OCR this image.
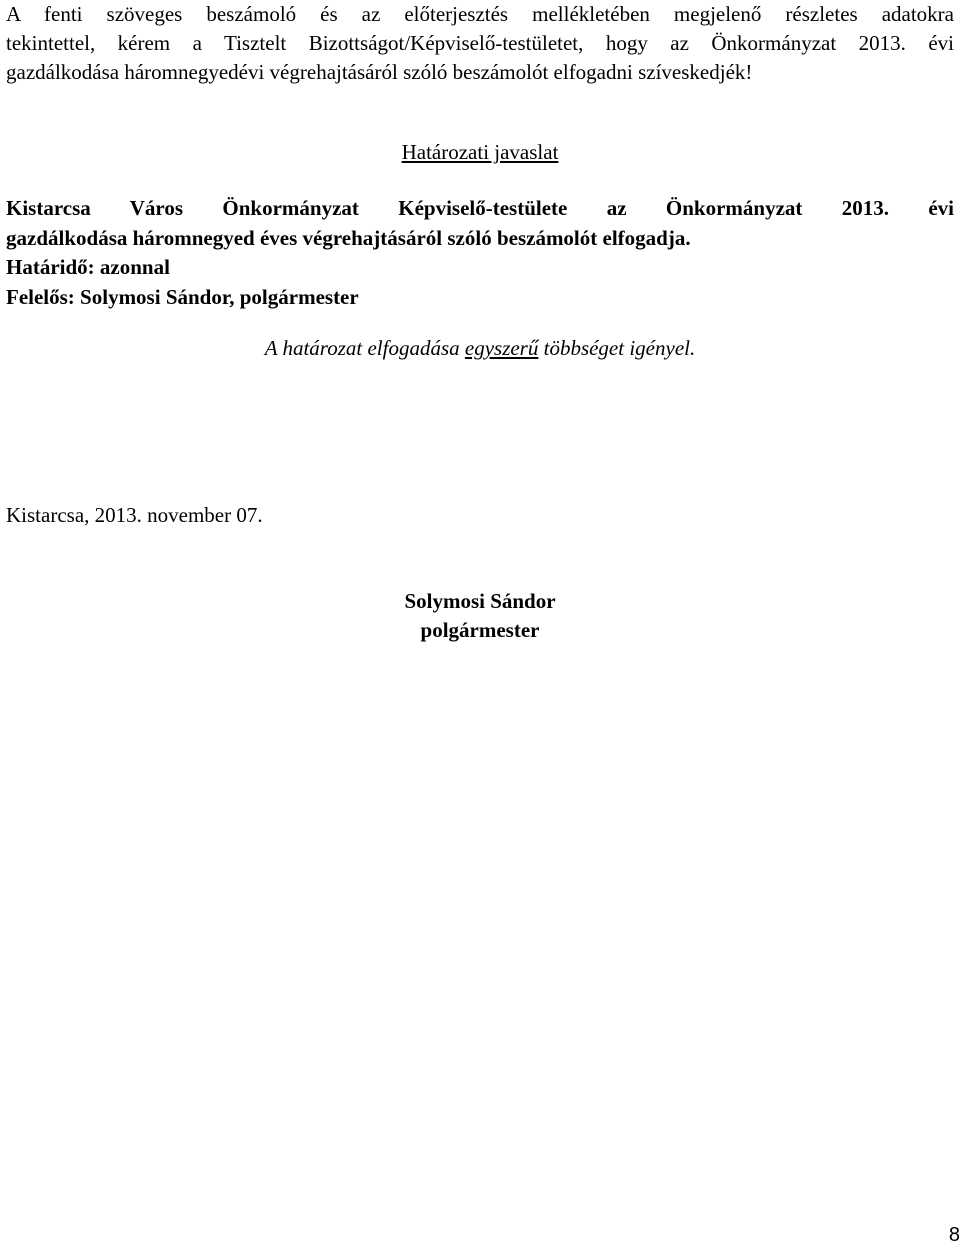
A fenti szöveges beszámoló és az előterjesztés mellékletében megjelenő részletes adatokra
tekintettel, kérem a Tisztelt Bizottságot/Képviselő-testületet, hogy az Önkormányzat 2013. évi
gazdálkodása háromnegyedévi végrehajtásáról szóló beszámolót elfogadni szíveskedjék!
Határozati javaslat
Kistarcsa Város Önkormányzat Képviselő-testülete az Önkormányzat 2013. évi
gazdálkodása háromnegyed éves végrehajtásáról szóló beszámolót elfogadja.
Határidő: azonnal
Felelős: Solymosi Sándor, polgármester
A határozat elfogadása egyszerű többséget igényel.
Kistarcsa, 2013. november 07.
Solymosi Sándor
polgármester
8
